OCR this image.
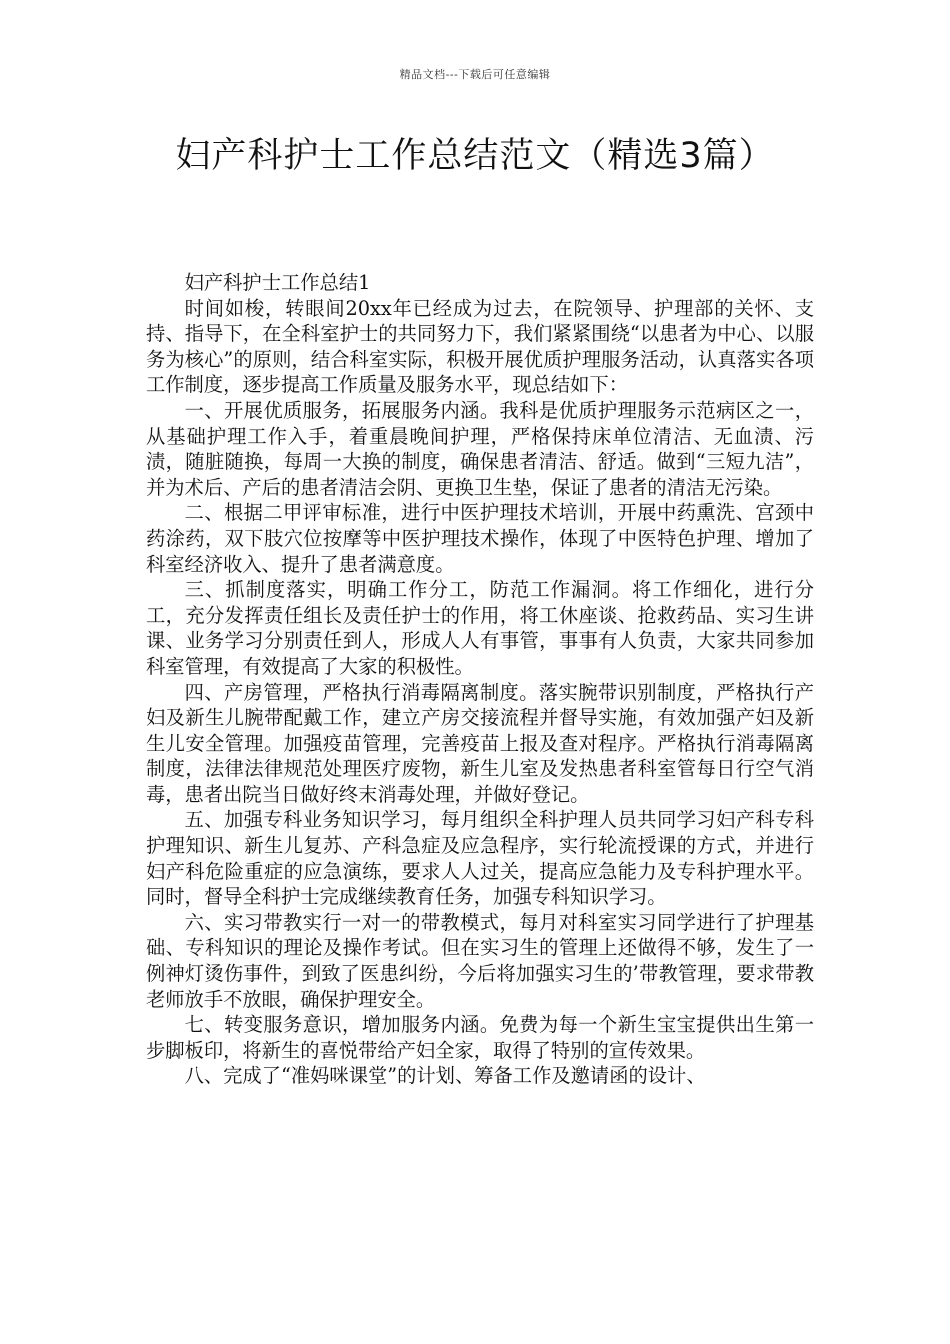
精品文档---下载后可任意编辑
妇产科护士工作总结范文（精选3篇）

妇产科护士工作总结1

时间如梭，转眼间20xx年已经成为过去，在院领导、护理部的关怀、支持、指导下，在全科室护士的共同努力下，我们紧紧围绕“以患者为中心、以服务为核心”的原则，结合科室实际，积极开展优质护理服务活动，认真落实各项工作制度，逐步提高工作质量及服务水平，现总结如下：

一、开展优质服务，拓展服务内涵。我科是优质护理服务示范病区之一，从基础护理工作入手，着重晨晚间护理，严格保持床单位清洁、无血渍、污渍，随脏随换，每周一大换的制度，确保患者清洁、舒适。做到“三短九洁”，并为术后、产后的患者清洁会阴、更换卫生垫，保证了患者的清洁无污染。

二、根据二甲评审标准，进行中医护理技术培训，开展中药熏洗、宫颈中药涂药，双下肢穴位按摩等中医护理技术操作，体现了中医特色护理、增加了科室经济收入、提升了患者满意度。

三、抓制度落实，明确工作分工，防范工作漏洞。将工作细化，进行分工，充分发挥责任组长及责任护士的作用，将工休座谈、抢救药品、实习生讲课、业务学习分别责任到人，形成人人有事管，事事有人负责，大家共同参加科室管理，有效提高了大家的积极性。

四、产房管理，严格执行消毒隔离制度。落实腕带识别制度，严格执行产妇及新生儿腕带配戴工作，建立产房交接流程并督导实施，有效加强产妇及新生儿安全管理。加强疫苗管理，完善疫苗上报及查对程序。严格执行消毒隔离制度，法律法律规范处理医疗废物，新生儿室及发热患者科室管每日行空气消毒，患者出院当日做好终末消毒处理，并做好登记。

五、加强专科业务知识学习，每月组织全科护理人员共同学习妇产科专科护理知识、新生儿复苏、产科急症及应急程序，实行轮流授课的方式，并进行妇产科危险重症的应急演练，要求人人过关，提高应急能力及专科护理水平。同时，督导全科护士完成继续教育任务，加强专科知识学习。

六、实习带教实行一对一的带教模式，每月对科室实习同学进行了护理基础、专科知识的理论及操作考试。但在实习生的管理上还做得不够，发生了一例神灯烫伤事件，到致了医患纠纷，今后将加强实习生的’带教管理，要求带教老师放手不放眼，确保护理安全。

七、转变服务意识，增加服务内涵。免费为每一个新生宝宝提供出生第一步脚板印，将新生的喜悦带给产妇全家，取得了特别的宣传效果。

八、完成了“准妈咪课堂”的计划、筹备工作及邀请函的设计、
